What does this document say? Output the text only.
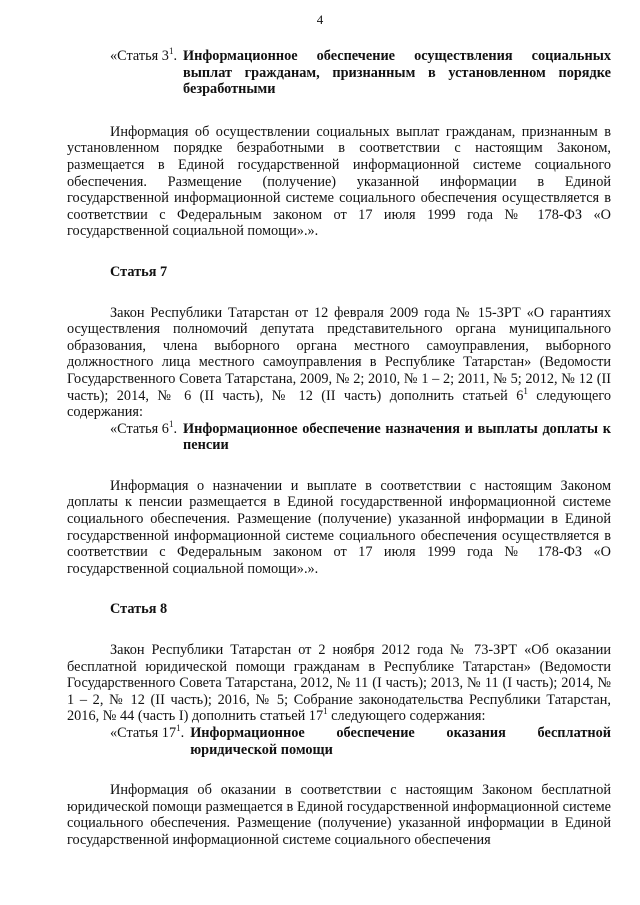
4
«Статья $3^1$. Информационное обеспечение осуществления социальных выплат гражданам, признанным в установленном порядке безработными

Информация об осуществлении социальных выплат гражданам, признанным в установленном порядке безработными в соответствии с настоящим Законом, размещается в Единой государственной информационной системе социального обеспечения. Размещение (получение) указанной информации в Единой государственной информационной системе социального обеспечения осуществляется в соответствии с Федеральным законом от 17 июля 1999 года № 178-ФЗ «О государственной социальной помощи».».

Статья 7

Закон Республики Татарстан от 12 февраля 2009 года № 15-ЗРТ «О гарантиях осуществления полномочий депутата представительного органа муниципального образования, члена выборного органа местного самоуправления, выборного должностного лица местного самоуправления в Республике Татарстан» (Ведомости Государственного Совета Татарстана, 2009, № 2; 2010, № 1 – 2; 2011, № 5; 2012, № 12 (II часть); 2014, № 6 (II часть), № 12 (II часть) дополнить статьей $6^1$ следующего содержания:

«Статья $6^1$. Информационное обеспечение назначения и выплаты доплаты к пенсии

Информация о назначении и выплате в соответствии с настоящим Законом доплаты к пенсии размещается в Единой государственной информационной системе социального обеспечения. Размещение (получение) указанной информации в Единой государственной информационной системе социального обеспечения осуществляется в соответствии с Федеральным законом от 17 июля 1999 года № 178-ФЗ «О государственной социальной помощи».».

Статья 8

Закон Республики Татарстан от 2 ноября 2012 года № 73-ЗРТ «Об оказании бесплатной юридической помощи гражданам в Республике Татарстан» (Ведомости Государственного Совета Татарстана, 2012, № 11 (I часть); 2013, № 11 (I часть); 2014, № 1 – 2, № 12 (II часть); 2016, № 5; Собрание законодательства Республики Татарстан, 2016, № 44 (часть I) дополнить статьей $17^1$ следующего содержания:

«Статья $17^1$. Информационное обеспечение оказания бесплатной юридической помощи

Информация об оказании в соответствии с настоящим Законом бесплатной юридической помощи размещается в Единой государственной информационной системе социального обеспечения. Размещение (получение) указанной информации в Единой государственной информационной системе социального обеспечения
